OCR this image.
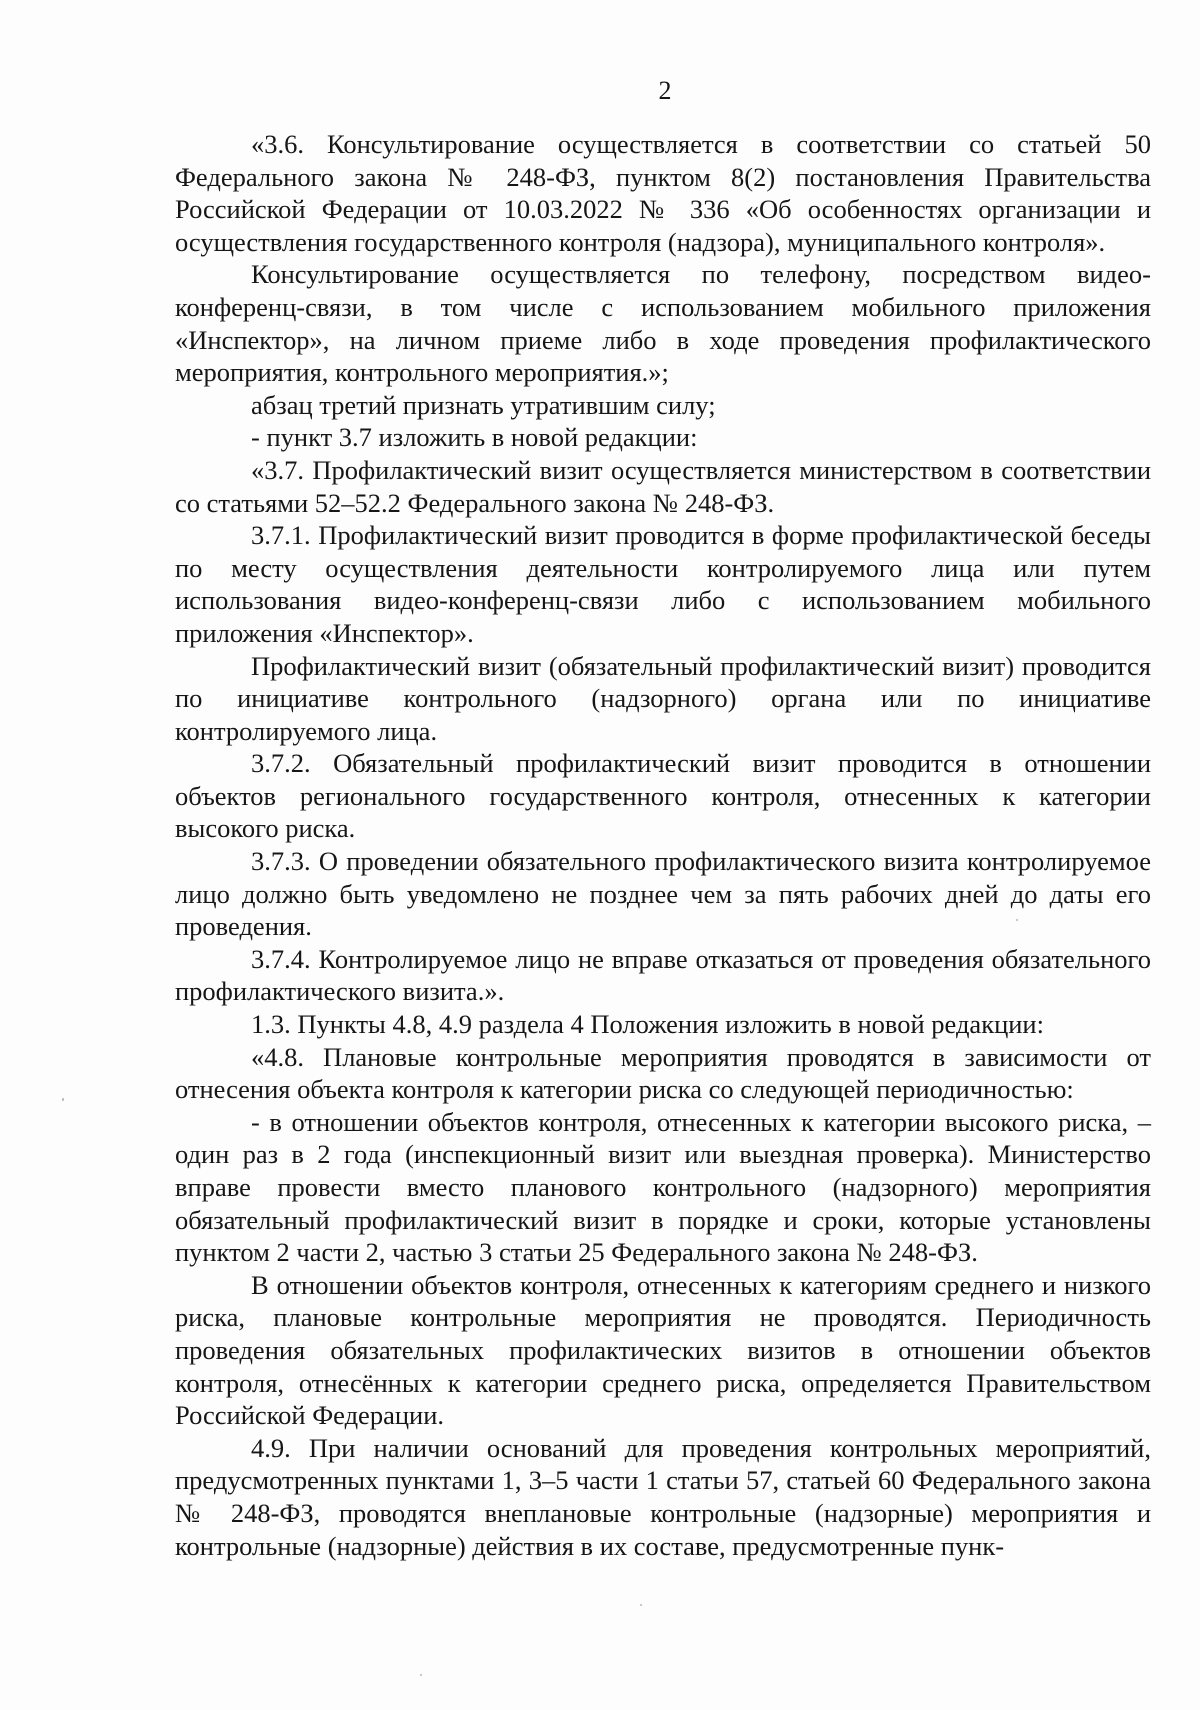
2

«3.6. Консультирование осуществляется в соответствии со статьей 50 Федерального закона № 248-ФЗ, пунктом 8(2) постановления Правительства Российской Федерации от 10.03.2022 № 336 «Об особенностях организации и осуществления государственного контроля (надзора), муниципального контроля».

Консультирование осуществляется по телефону, посредством видео-конференц-связи, в том числе с использованием мобильного приложения «Инспектор», на личном приеме либо в ходе проведения профилактического мероприятия, контрольного мероприятия.»;

абзац третий признать утратившим силу;

- пункт 3.7 изложить в новой редакции:

«3.7. Профилактический визит осуществляется министерством в соответствии со статьями 52–52.2 Федерального закона № 248-ФЗ.

3.7.1. Профилактический визит проводится в форме профилактической беседы по месту осуществления деятельности контролируемого лица или путем использования видео-конференц-связи либо с использованием мобильного приложения «Инспектор».

Профилактический визит (обязательный профилактический визит) проводится по инициативе контрольного (надзорного) органа или по инициативе контролируемого лица.

3.7.2. Обязательный профилактический визит проводится в отношении объектов регионального государственного контроля, отнесенных к категории высокого риска.

3.7.3. О проведении обязательного профилактического визита контролируемое лицо должно быть уведомлено не позднее чем за пять рабочих дней до даты его проведения.

3.7.4. Контролируемое лицо не вправе отказаться от проведения обязательного профилактического визита.».

1.3. Пункты 4.8, 4.9 раздела 4 Положения изложить в новой редакции:

«4.8. Плановые контрольные мероприятия проводятся в зависимости от отнесения объекта контроля к категории риска со следующей периодичностью:

- в отношении объектов контроля, отнесенных к категории высокого риска, – один раз в 2 года (инспекционный визит или выездная проверка). Министерство вправе провести вместо планового контрольного (надзорного) мероприятия обязательный профилактический визит в порядке и сроки, которые установлены пунктом 2 части 2, частью 3 статьи 25 Федерального закона № 248-ФЗ.

В отношении объектов контроля, отнесенных к категориям среднего и низкого риска, плановые контрольные мероприятия не проводятся. Периодичность проведения обязательных профилактических визитов в отношении объектов контроля, отнесённых к категории среднего риска, определяется Правительством Российской Федерации.

4.9. При наличии оснований для проведения контрольных мероприятий, предусмотренных пунктами 1, 3–5 части 1 статьи 57, статьей 60 Федерального закона № 248-ФЗ, проводятся внеплановые контрольные (надзорные) мероприятия и контрольные (надзорные) действия в их составе, предусмотренные пунк-
